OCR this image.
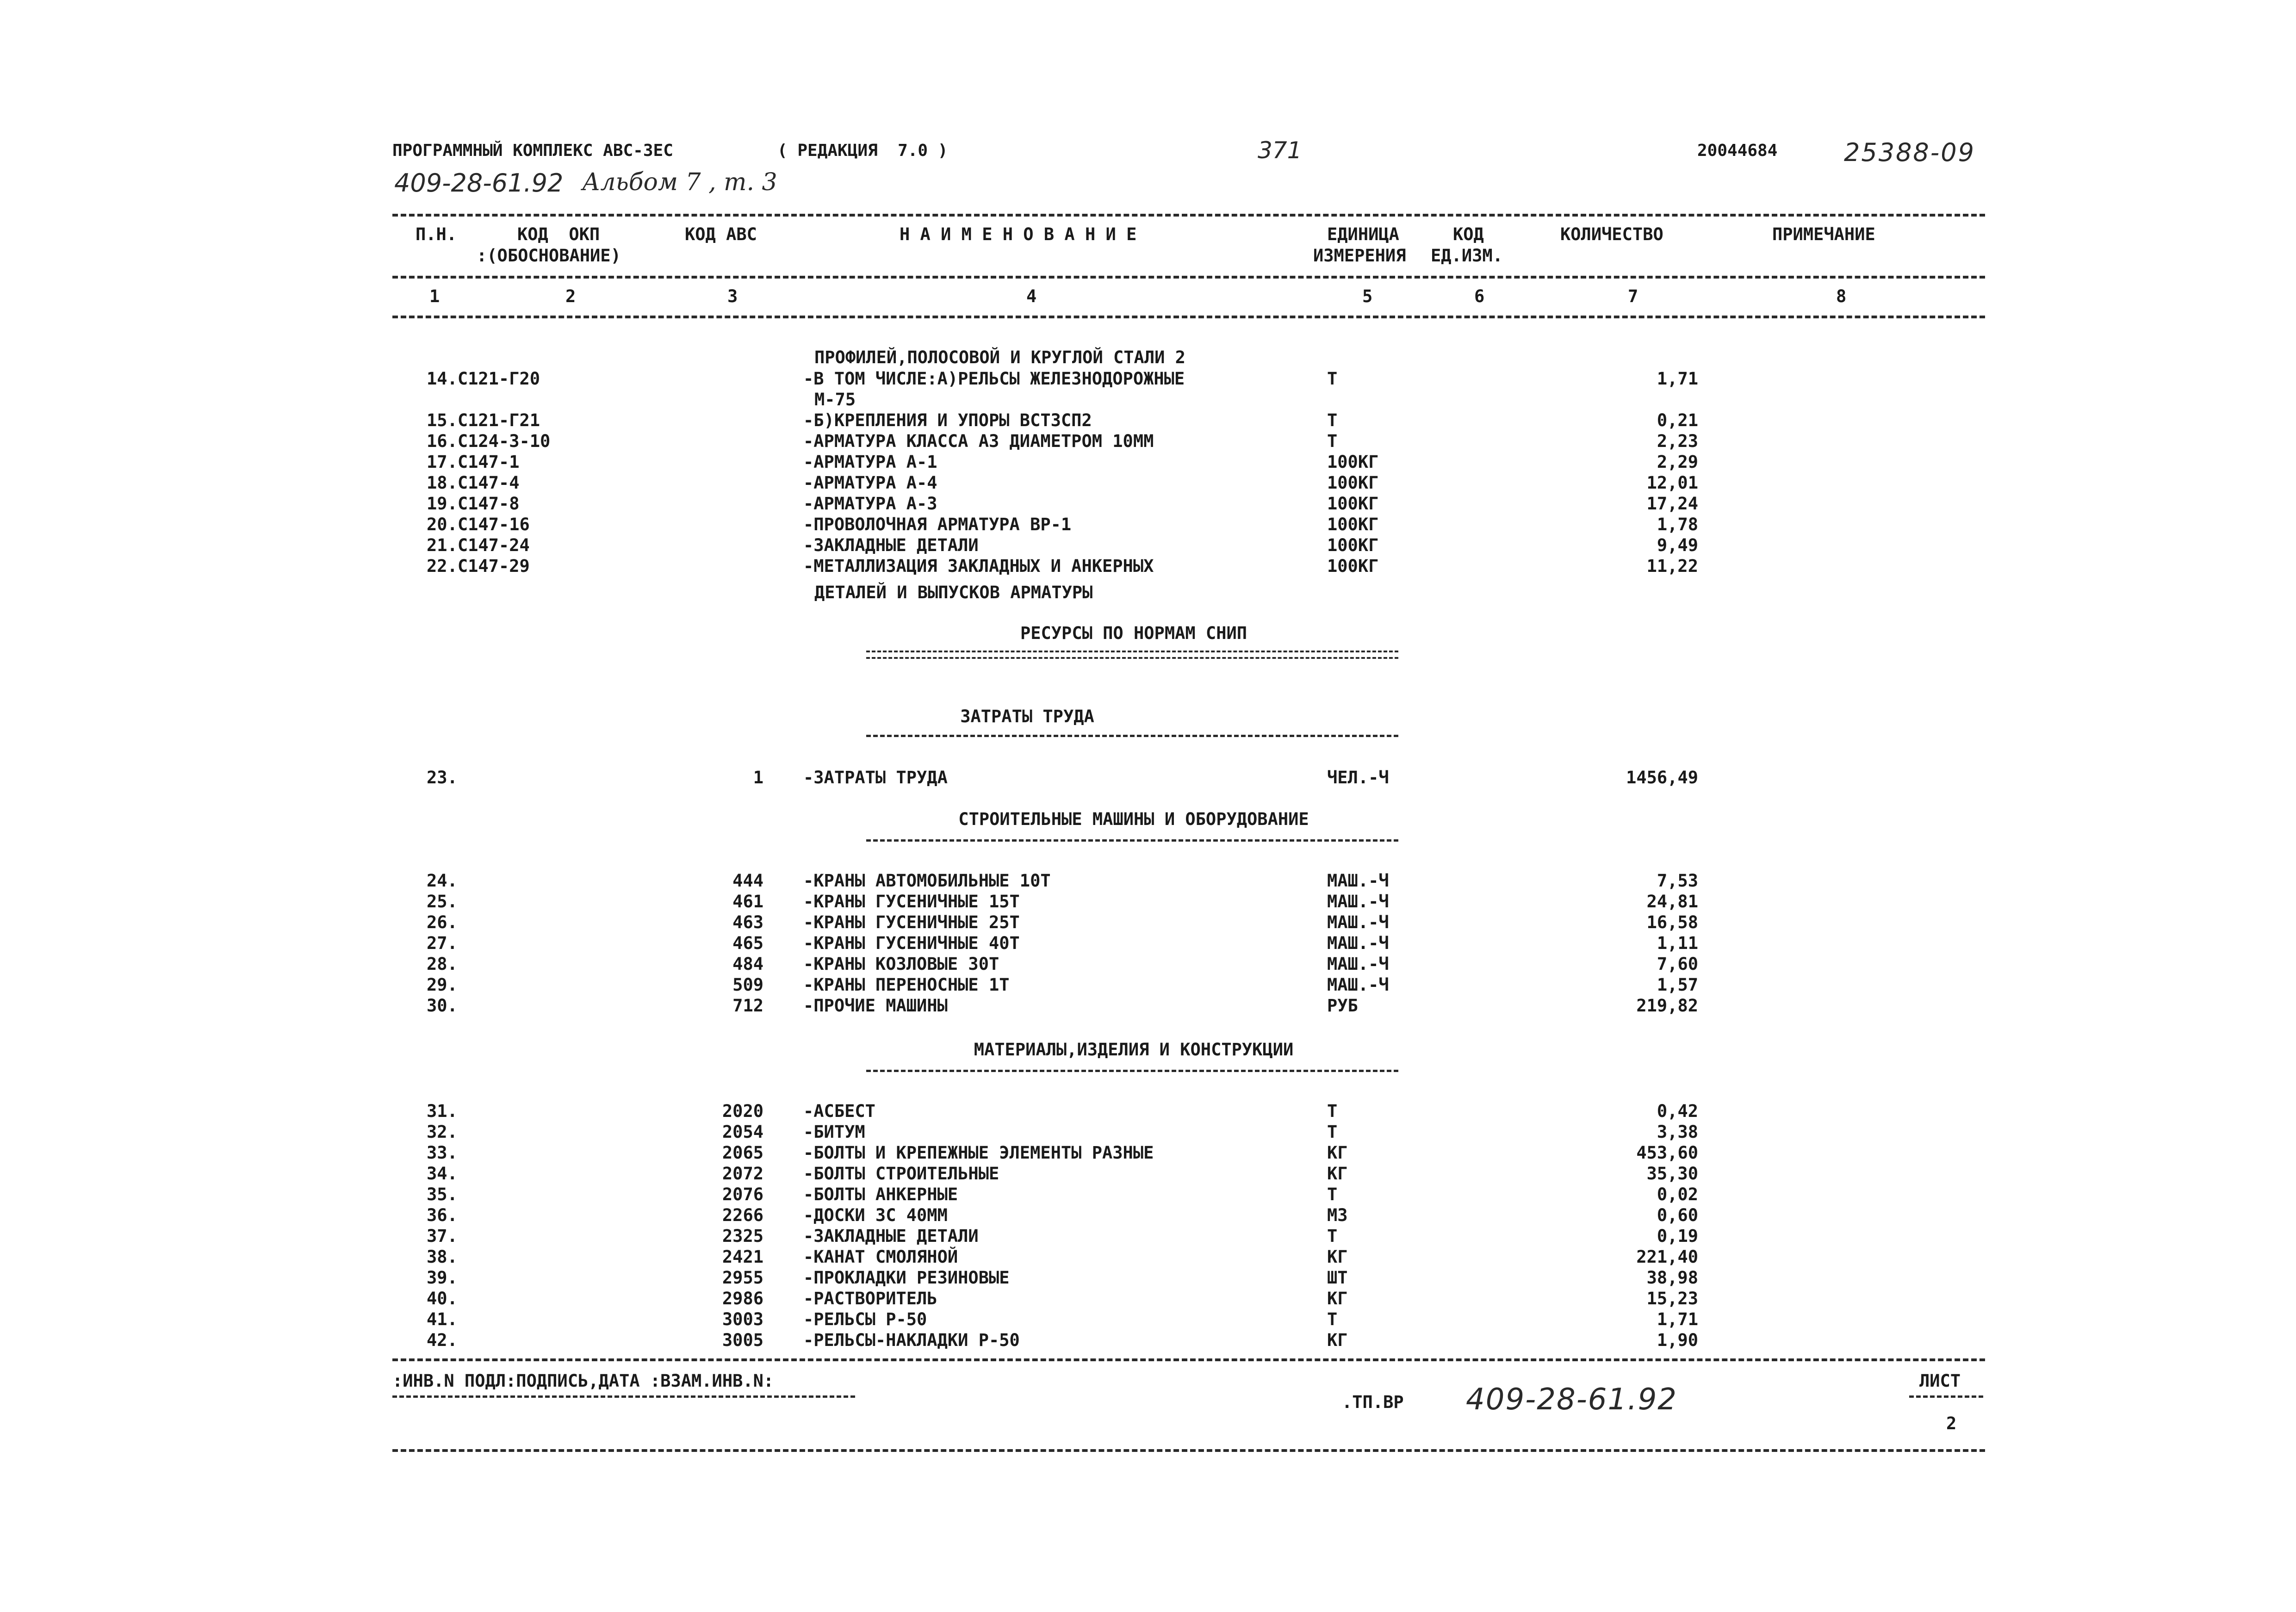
ПРОГРАММНЫЙ КОМПЛЕКС АВС-ЗЕС	( РЕДАКЦИЯ  7.0 )	371	20044684	25388-09
409-28-61.92 Альбом 7 , т. 3
П.Н.	КОД  ОКП
:(ОБОСНОВАНИЕ)
КОД АВС	Н А И М Е Н О В А Н И Е	ЕДИНИЦА
ИЗМЕРЕНИЯ
КОД
ЕД.ИЗМ.
КОЛИЧЕСТВО	ПРИМЕЧАНИЕ
1	2	3	4	5	6	7	8
ПРОФИЛЕЙ,ПОЛОСОВОЙ И КРУГЛОЙ СТАЛИ 2
14.С121-Г20	-В ТОМ ЧИСЛЕ:А)РЕЛЬСЫ ЖЕЛЕЗНОДОРОЖНЫЕ	Т	1,71
М-75
15.С121-Г21	-Б)КРЕПЛЕНИЯ И УПОРЫ ВСТ3СП2	Т	0,21
16.С124-3-10	-АРМАТУРА КЛАССА А3 ДИАМЕТРОМ 10ММ	Т	2,23
17.С147-1	-АРМАТУРА А-1	100КГ	2,29
18.С147-4	-АРМАТУРА А-4	100КГ	12,01
19.С147-8	-АРМАТУРА А-3	100КГ	17,24
20.С147-16	-ПРОВОЛОЧНАЯ АРМАТУРА ВР-1	100КГ	1,78
21.С147-24	-ЗАКЛАДНЫЕ ДЕТАЛИ	100КГ	9,49
22.С147-29	-МЕТАЛЛИЗАЦИЯ ЗАКЛАДНЫХ И АНКЕРНЫХ	100КГ	11,22
ДЕТАЛЕЙ И ВЫПУСКОВ АРМАТУРЫ
РЕСУРСЫ ПО НОРМАМ СНИП
ЗАТРАТЫ ТРУДА
23.	1 -ЗАТРАТЫ ТРУДА	ЧЕЛ.-Ч	1456,49
СТРОИТЕЛЬНЫЕ МАШИНЫ И ОБОРУДОВАНИЕ
24.	444 -КРАНЫ АВТОМОБИЛЬНЫЕ 10Т	МАШ.-Ч	7,53
25.	461 -КРАНЫ ГУСЕНИЧНЫЕ 15Т	МАШ.-Ч	24,81
26.	463 -КРАНЫ ГУСЕНИЧНЫЕ 25Т	МАШ.-Ч	16,58
27.	465 -КРАНЫ ГУСЕНИЧНЫЕ 40Т	МАШ.-Ч	1,11
28.	484 -КРАНЫ КОЗЛОВЫЕ 30Т	МАШ.-Ч	7,60
29.	509 -КРАНЫ ПЕРЕНОСНЫЕ 1Т	МАШ.-Ч	1,57
30.	712 -ПРОЧИЕ МАШИНЫ	РУБ	219,82
МАТЕРИАЛЫ,ИЗДЕЛИЯ И КОНСТРУКЦИИ
31.	2020 -АСБЕСТ	Т	0,42
32.	2054 -БИТУМ	Т	3,38
33.	2065 -БОЛТЫ И КРЕПЕЖНЫЕ ЭЛЕМЕНТЫ РАЗНЫЕ	КГ	453,60
34.	2072 -БОЛТЫ СТРОИТЕЛЬНЫЕ	КГ	35,30
35.	2076 -БОЛТЫ АНКЕРНЫЕ	Т	0,02
36.	2266 -ДОСКИ 3С 40ММ	М3	0,60
37.	2325 -ЗАКЛАДНЫЕ ДЕТАЛИ	Т	0,19
38.	2421 -КАНАТ СМОЛЯНОЙ	КГ	221,40
39.	2955 -ПРОКЛАДКИ РЕЗИНОВЫЕ	ШТ	38,98
40.	2986 -РАСТВОРИТЕЛЬ	КГ	15,23
41.	3003 -РЕЛЬСЫ Р-50	Т	1,71
42.	3005 -РЕЛЬСЫ-НАКЛАДКИ Р-50	КГ	1,90
:ИНВ.N ПОДЛ:ПОДПИСЬ,ДАТА :ВЗАМ.ИНВ.N:
.ТП.ВР 409-28-61.92
ЛИСТ
2
